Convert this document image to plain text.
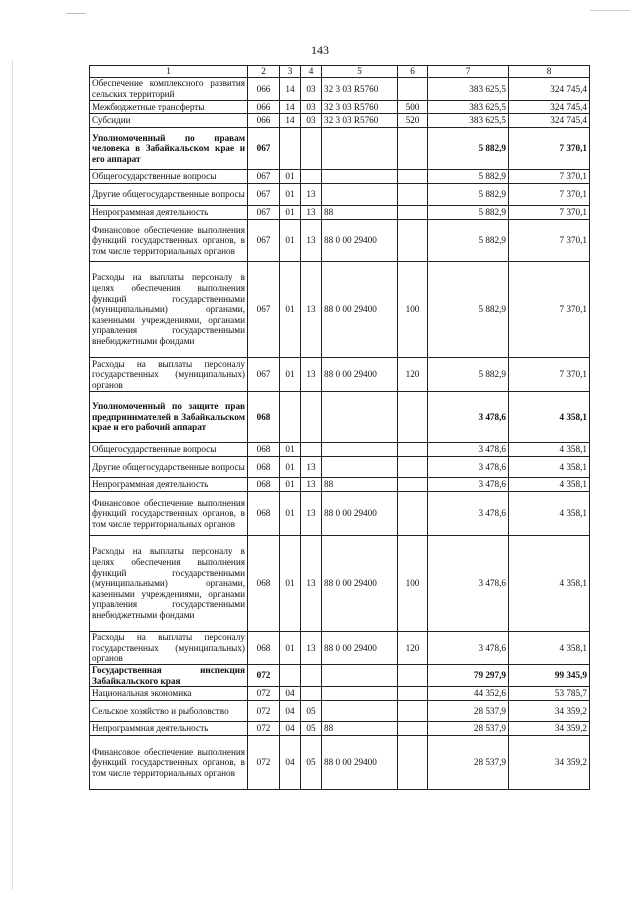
143
1	2	3	4	5	6	7	8
Обеспечение комплексного развития сельских территорий	066	14	03	32 3 03 R5760		383 625,5	324 745,4
Межбюджетные трансферты	066	14	03	32 3 03 R5760	500	383 625,5	324 745,4
Субсидии	066	14	03	32 3 03 R5760	520	383 625,5	324 745,4
Уполномоченный по правам человека в Забайкальском крае и его аппарат	067					5 882,9	7 370,1
Общегосударственные вопросы	067	01				5 882,9	7 370,1
Другие общегосударственные вопросы	067	01	13			5 882,9	7 370,1
Непрограммная деятельность	067	01	13	88		5 882,9	7 370,1
Финансовое обеспечение выполнения функций государственных органов, в том числе территориальных органов	067	01	13	88 0 00 29400		5 882,9	7 370,1
Расходы на выплаты персоналу в целях обеспечения выполнения функций государственными (муниципальными) органами, казенными учреждениями, органами управления государственными внебюджетными фондами	067	01	13	88 0 00 29400	100	5 882,9	7 370,1
Расходы на выплаты персоналу государственных (муниципальных) органов	067	01	13	88 0 00 29400	120	5 882,9	7 370,1
Уполномоченный по защите прав предпринимателей в Забайкальском крае и его рабочий аппарат	068					3 478,6	4 358,1
Общегосударственные вопросы	068	01				3 478,6	4 358,1
Другие общегосударственные вопросы	068	01	13			3 478,6	4 358,1
Непрограммная деятельность	068	01	13	88		3 478,6	4 358,1
Финансовое обеспечение выполнения функций государственных органов, в том числе территориальных органов	068	01	13	88 0 00 29400		3 478,6	4 358,1
Расходы на выплаты персоналу в целях обеспечения выполнения функций государственными (муниципальными) органами, казенными учреждениями, органами управления государственными внебюджетными фондами	068	01	13	88 0 00 29400	100	3 478,6	4 358,1
Расходы на выплаты персоналу государственных (муниципальных) органов	068	01	13	88 0 00 29400	120	3 478,6	4 358,1
Государственная инспекция Забайкальского края	072					79 297,9	99 345,9
Национальная экономика	072	04				44 352,6	53 785,7
Сельское хозяйство и рыболовство	072	04	05			28 537,9	34 359,2
Непрограммная деятельность	072	04	05	88		28 537,9	34 359,2
Финансовое обеспечение выполнения функций государственных органов, в том числе территориальных органов	072	04	05	88 0 00 29400		28 537,9	34 359,2
